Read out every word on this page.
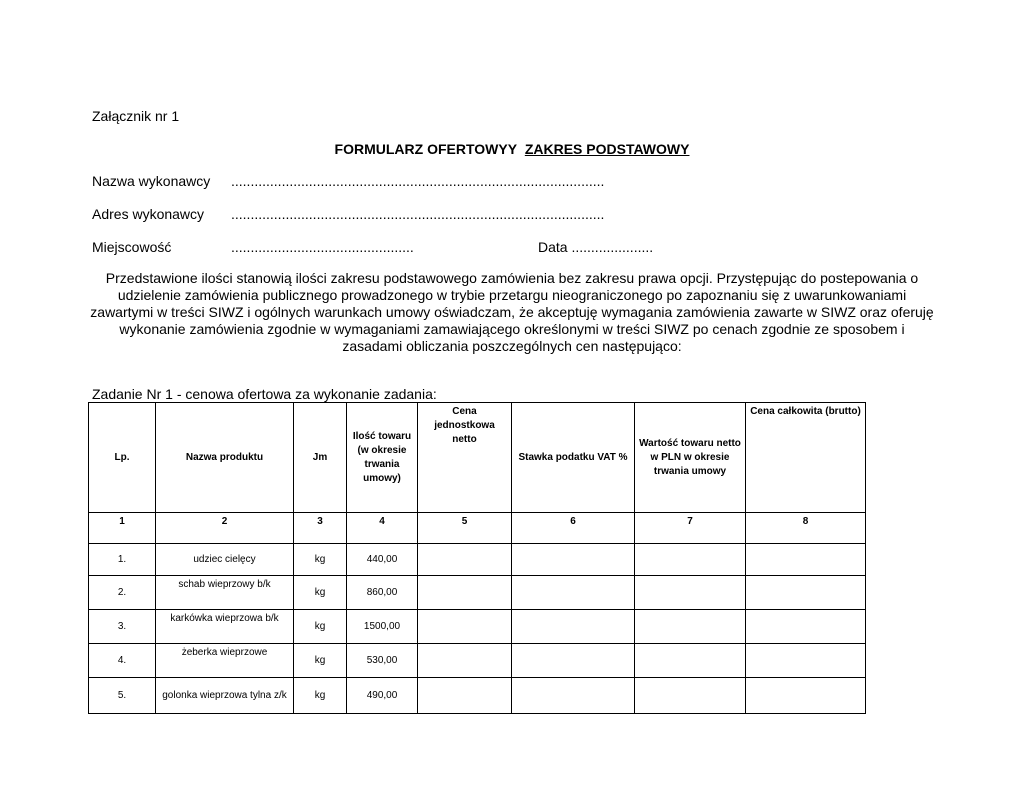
Załącznik nr 1
FORMULARZ OFERTOWYY ZAKRES PODSTAWOWY
Nazwa wykonawcy ................................................................................................
Adres wykonawcy ................................................................................................
Miejscowość	...............................................	Data .....................
Przedstawione ilości stanowią ilości zakresu podstawowego zamówienia bez zakresu prawa opcji. Przystępując do postepowania o udzielenie zamówienia publicznego prowadzonego w trybie przetargu nieograniczonego po zapoznaniu się z uwarunkowaniami zawartymi w treści SIWZ i ogólnych warunkach umowy oświadczam, że akceptuję wymagania zamówienia zawarte w SIWZ oraz oferuję wykonanie zamówienia zgodnie w wymaganiami zamawiającego określonymi w treści SIWZ po cenach zgodnie ze sposobem i zasadami obliczania poszczególnych cen następująco:
Zadanie Nr 1 - cenowa ofertowa za wykonanie zadania:
Lp.	Nazwa produktu	Jm	Ilość towaru (w okresie trwania umowy)	Cena jednostkowa netto	Stawka podatku VAT %	Wartość towaru netto w PLN w okresie trwania umowy	Cena całkowita (brutto)
1	2	3	4	5	6	7	8
1.	udziec cielęcy	kg	440,00				
2.	schab wieprzowy b/k	kg	860,00				
3.	karkówka wieprzowa b/k	kg	1500,00				
4.	żeberka wieprzowe	kg	530,00				
5.	golonka wieprzowa tylna z/k	kg	490,00				
